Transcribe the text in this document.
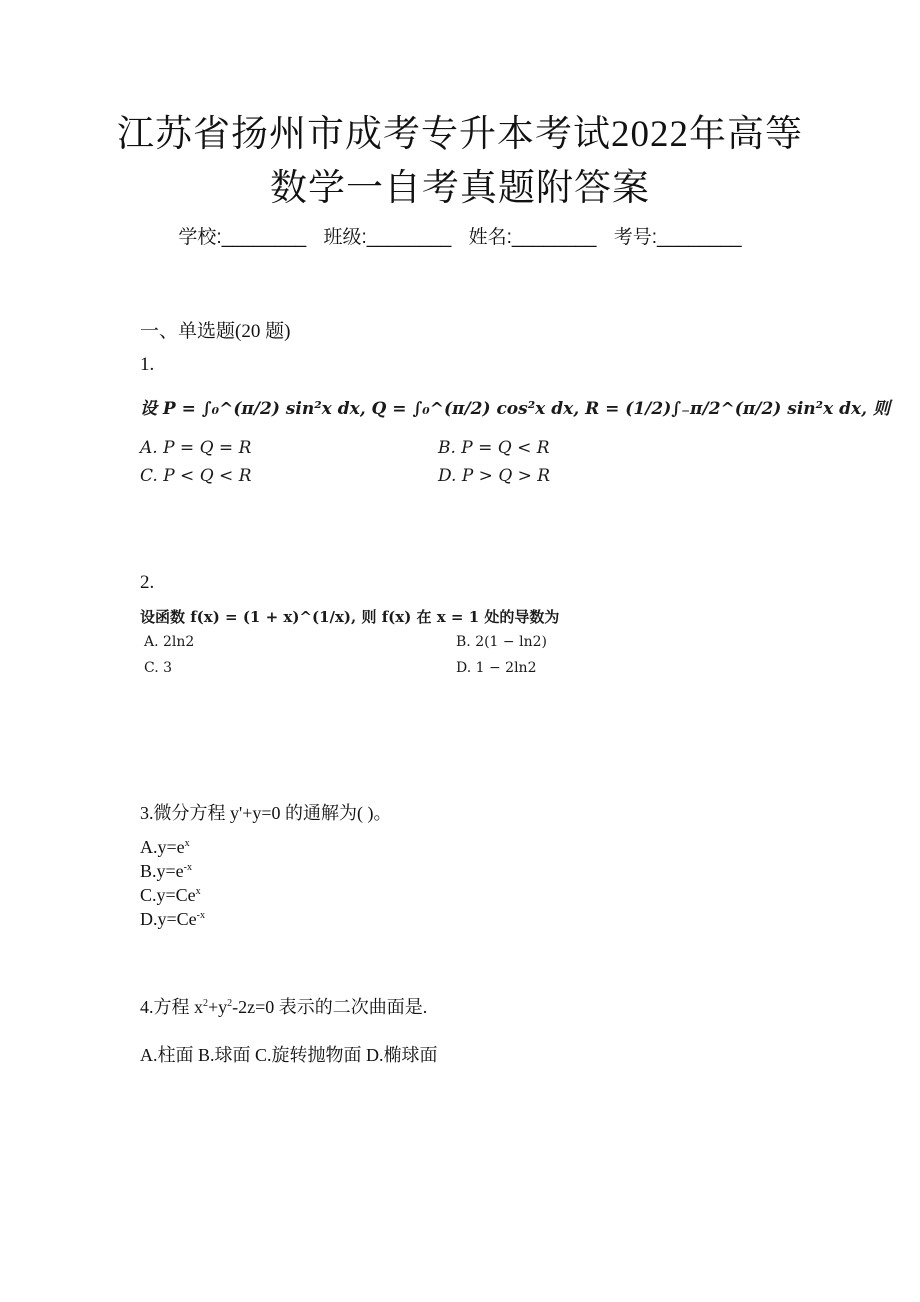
江苏省扬州市成考专升本考试2022年高等
数学一自考真题附答案
学校:________ 班级:________ 姓名:________ 考号:________
一、单选题(20 题)
1.
设 P = ∫₀^(π/2) sin²x dx, Q = ∫₀^(π/2) cos²x dx, R = (1/2)∫₋π/2^(π/2) sin²x dx, 则
A. P = Q = R	B. P = Q < R
C. P < Q < R	D. P > Q > R
2.
设函数 f(x) = (1 + x)^(1/x), 则 f(x) 在 x = 1 处的导数为
A. 2ln2	B. 2(1 − ln2)
C. 3	D. 1 − 2ln2
3.微分方程 y'+y=0 的通解为( )。
$A.y=e^x$
$B.y=e^{-x}$
$C.y=Ce^x$
$D.y=Ce^{-x}$
4.方程 $x^2+y^2-2z=0$ 表示的二次曲面是.
A.柱面 B.球面 C.旋转抛物面 D.椭球面
